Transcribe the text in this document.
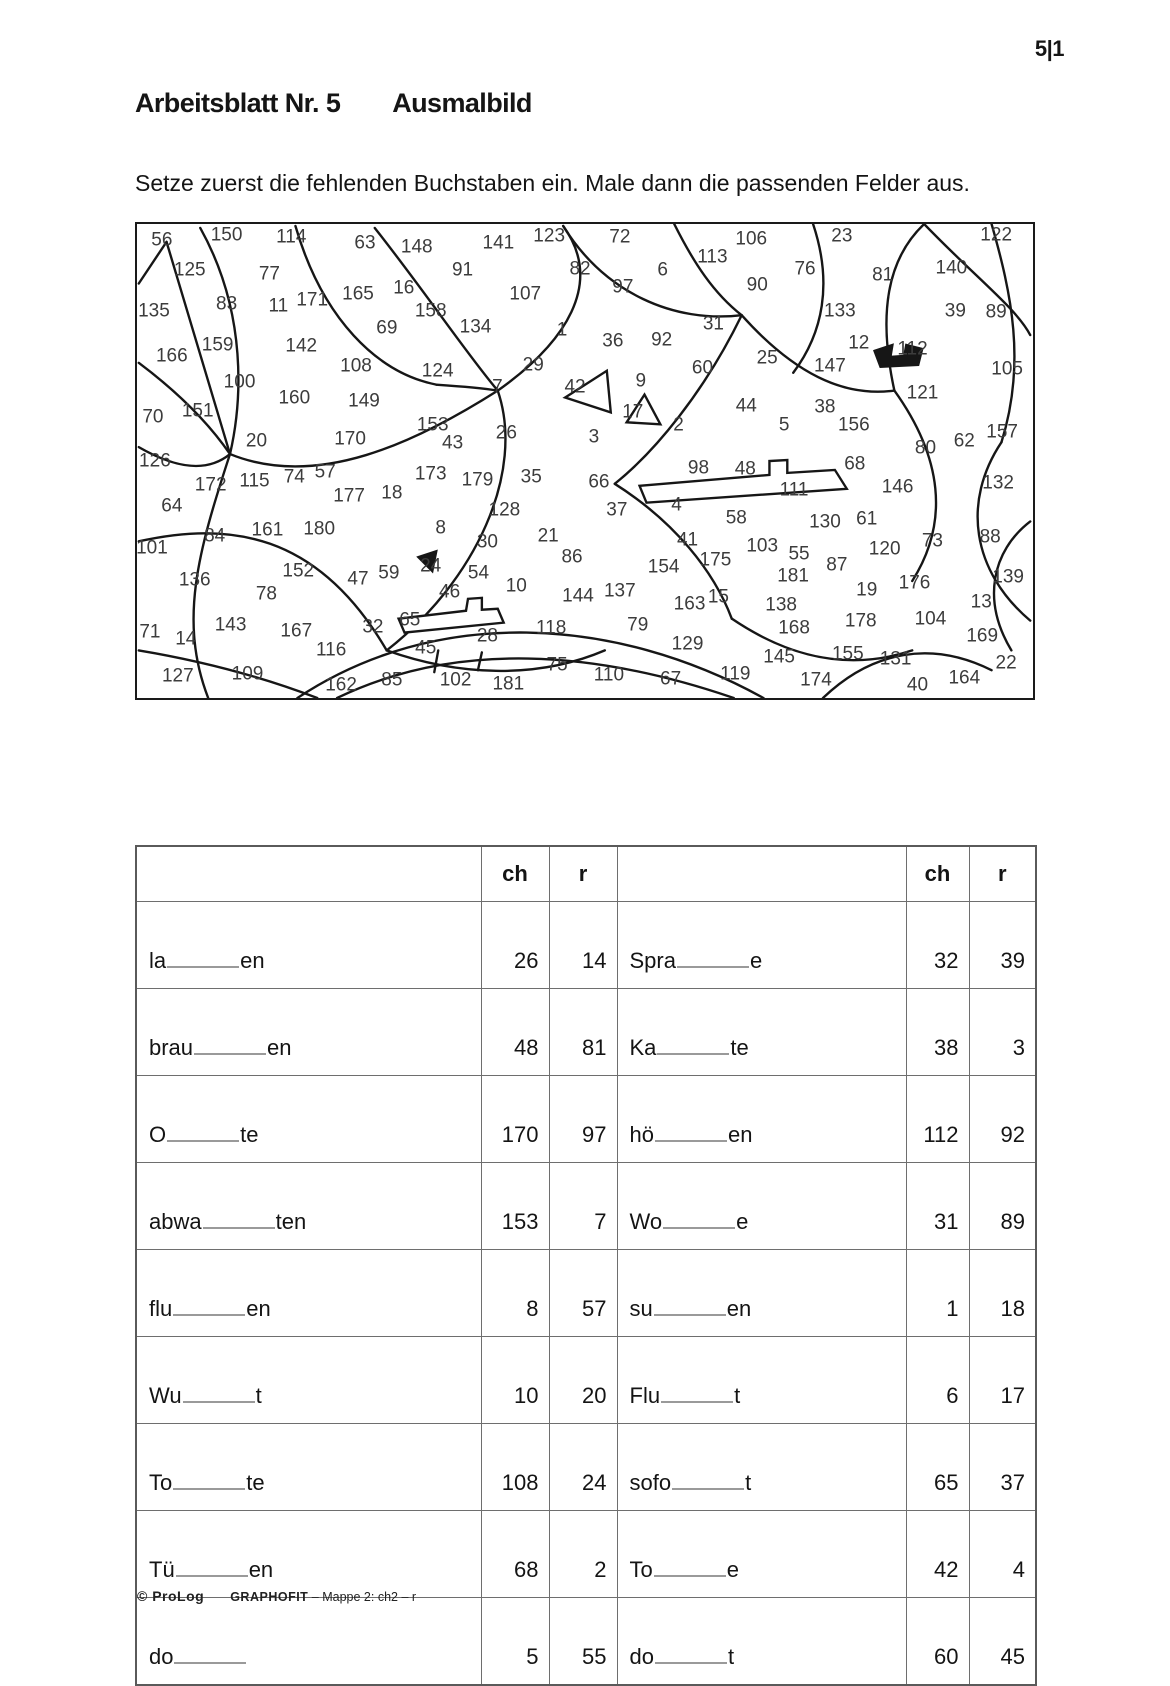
5|1
Arbeitsblatt Nr. 5 Ausmalbild
Setze zuerst die fehlenden Buchstaben ein. Male dann die passenden Felder aus.
56 150 114	63 148	141 123 72	106	23	122
125	77	91	82	6
113
76	81 140
135 83 11 171 165 16
158
107	97	90
31
133	39 89
166
159	142
69	134	1
36 92
25
12 112
105
100
108	124	29
7	42	9
60	147
44	38
121
70 151
160 149
20	170
153
43 26	3
17
2	5	156
80 62 157
126
172 115 74 57
177 18
173 179 35
128
66
37 4
98 48
58
111
68
146
61
132
64
84 161 180
101
136	152
78
8
30 21
86
41
154 175
103 55
87
130
120 73 88
47 59 24 54
46 10 144 137
163 15
181
138
19 176	139
13
104
71 14
143 167	32 65
28 118	79	168 178
169
116	45	129
145 155 131	22
127 109
162 85 102 181
75 110 67 119	174	40 164
	ch	r		ch	r
la en	26	14	Spra e	32	39
brau en	48	81	Ka te	38	3
O te	170	97	hö en	112	92
abwa ten	153	7	Wo e	31	89
flu en	8	57	su en	1	18
Wu t	10	20	Flu t	6	17
To te	108	24	sofo t	65	37
Tü en	68	2	To e	42	4
do	5	55	do t	60	45
© ProLog GRAPHOFIT – Mappe 2: ch2 – r
